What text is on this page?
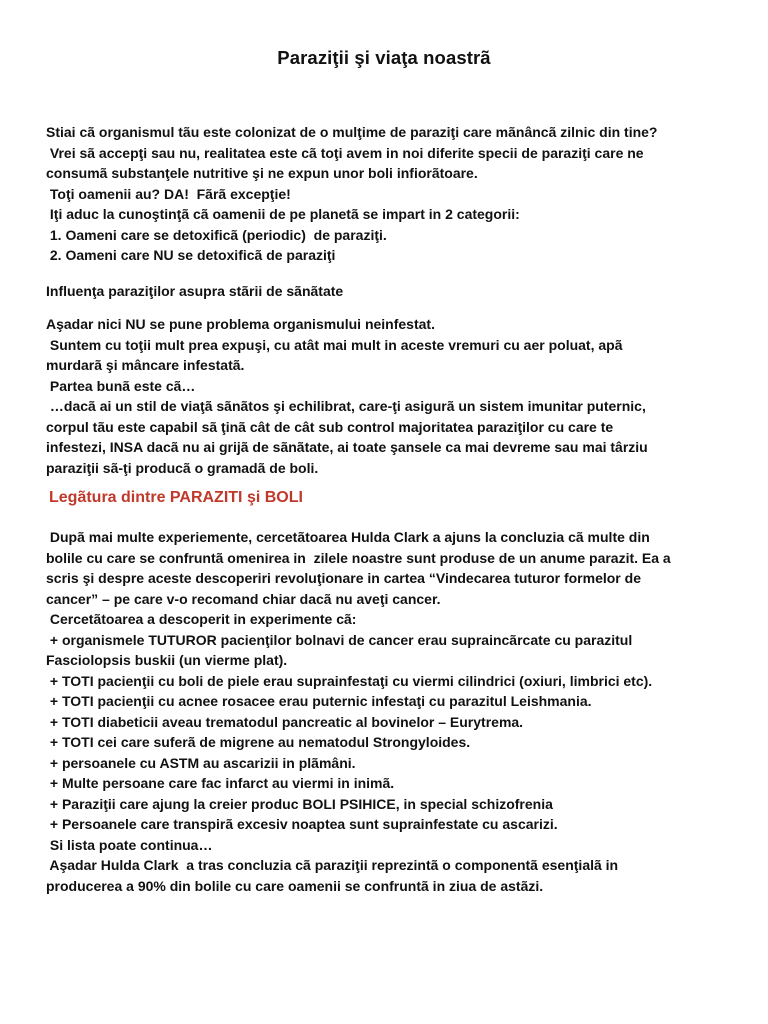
Paraziţii şi viaţa noastrã
Stiai cã organismul tãu este colonizat de o mulţime de paraziţi care mãnâncã zilnic din tine?
Vrei sã accepţi sau nu, realitatea este cã toţi avem in noi diferite specii de paraziţi care ne
consumã substanţele nutritive şi ne expun unor boli infiorãtoare.
Toţi oamenii au? DA!  Fãrã excepţie!
Iţi aduc la cunoştinţã cã oamenii de pe planetã se impart in 2 categorii:
1. Oameni care se detoxificã (periodic)  de paraziţi.
2. Oameni care NU se detoxificã de paraziţi
Influenţa paraziţilor asupra stãrii de sãnãtate
Aşadar nici NU se pune problema organismului neinfestat.
Suntem cu toţii mult prea expuşi, cu atât mai mult in aceste vremuri cu aer poluat, apã
murdarã şi mâncare infestatã.
Partea bunã este cã…
…dacã ai un stil de viaţã sãnãtos şi echilibrat, care-ţi asigurã un sistem imunitar puternic,
corpul tãu este capabil sã ţinã cât de cât sub control majoritatea paraziţilor cu care te
infestezi, INSA dacã nu ai grijã de sãnãtate, ai toate şansele ca mai devreme sau mai târziu
paraziţii sã-ţi producã o gramadã de boli.
Legãtura dintre PARAZITI şi BOLI
Dupã mai multe experiemente, cercetãtoarea Hulda Clark a ajuns la concluzia cã multe din
bolile cu care se confruntã omenirea in  zilele noastre sunt produse de un anume parazit. Ea a
scris şi despre aceste descoperiri revoluţionare in cartea “Vindecarea tuturor formelor de
cancer” – pe care v-o recomand chiar dacã nu aveţi cancer.
Cercetãtoarea a descoperit in experimente cã:
+ organismele TUTUROR pacienţilor bolnavi de cancer erau supraincãrcate cu parazitul
Fasciolopsis buskii (un vierme plat).
+ TOTI pacienţii cu boli de piele erau suprainfestaţi cu viermi cilindrici (oxiuri, limbrici etc).
+ TOTI pacienţii cu acnee rosacee erau puternic infestaţi cu parazitul Leishmania.
+ TOTI diabeticii aveau trematodul pancreatic al bovinelor – Eurytrema.
+ TOTI cei care suferã de migrene au nematodul Strongyloides.
+ persoanele cu ASTM au ascarizii in plãmâni.
+ Multe persoane care fac infarct au viermi in inimã.
+ Paraziţii care ajung la creier produc BOLI PSIHICE, in special schizofrenia
+ Persoanele care transpirã excesiv noaptea sunt suprainfestate cu ascarizi.
Si lista poate continua…
Aşadar Hulda Clark  a tras concluzia cã paraziţii reprezintã o componentã esenţialã in
producerea a 90% din bolile cu care oamenii se confruntã in ziua de astãzi.
